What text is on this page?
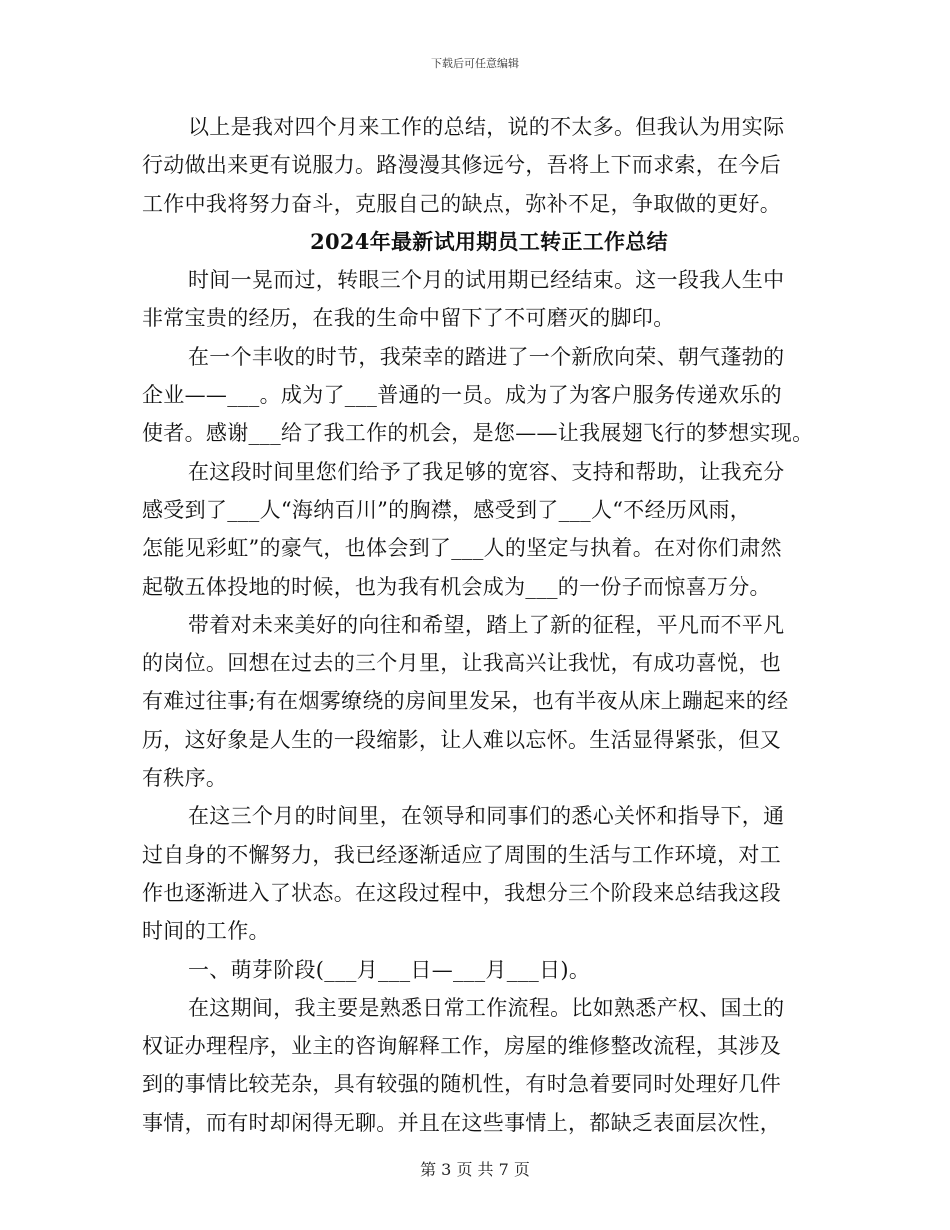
下载后可任意编辑
以上是我对四个月来工作的总结，说的不太多。但我认为用实际
行动做出来更有说服力。路漫漫其修远兮，吾将上下而求索，在今后
工作中我将努力奋斗，克服自己的缺点，弥补不足，争取做的更好。
2024年最新试用期员工转正工作总结
时间一晃而过，转眼三个月的试用期已经结束。这一段我人生中
非常宝贵的经历，在我的生命中留下了不可磨灭的脚印。
在一个丰收的时节，我荣幸的踏进了一个新欣向荣、朝气蓬勃的
企业——___。成为了___普通的一员。成为了为客户服务传递欢乐的
使者。感谢___给了我工作的机会，是您——让我展翅飞行的梦想实现。
在这段时间里您们给予了我足够的宽容、支持和帮助，让我充分
感受到了___人“海纳百川”的胸襟，感受到了___人“不经历风雨，
怎能见彩虹”的豪气，也体会到了___人的坚定与执着。在对你们肃然
起敬五体投地的时候，也为我有机会成为___的一份子而惊喜万分。
带着对未来美好的向往和希望，踏上了新的征程，平凡而不平凡
的岗位。回想在过去的三个月里，让我高兴让我忧，有成功喜悦，也
有难过往事;有在烟雾缭绕的房间里发呆，也有半夜从床上蹦起来的经
历，这好象是人生的一段缩影，让人难以忘怀。生活显得紧张，但又
有秩序。
在这三个月的时间里，在领导和同事们的悉心关怀和指导下，通
过自身的不懈努力，我已经逐渐适应了周围的生活与工作环境，对工
作也逐渐进入了状态。在这段过程中，我想分三个阶段来总结我这段
时间的工作。
一、萌芽阶段(___月___日—___月___日)。
在这期间，我主要是熟悉日常工作流程。比如熟悉产权、国土的
权证办理程序，业主的咨询解释工作，房屋的维修整改流程，其涉及
到的事情比较芜杂，具有较强的随机性，有时急着要同时处理好几件
事情，而有时却闲得无聊。并且在这些事情上，都缺乏表面层次性，
第 3 页 共 7 页
